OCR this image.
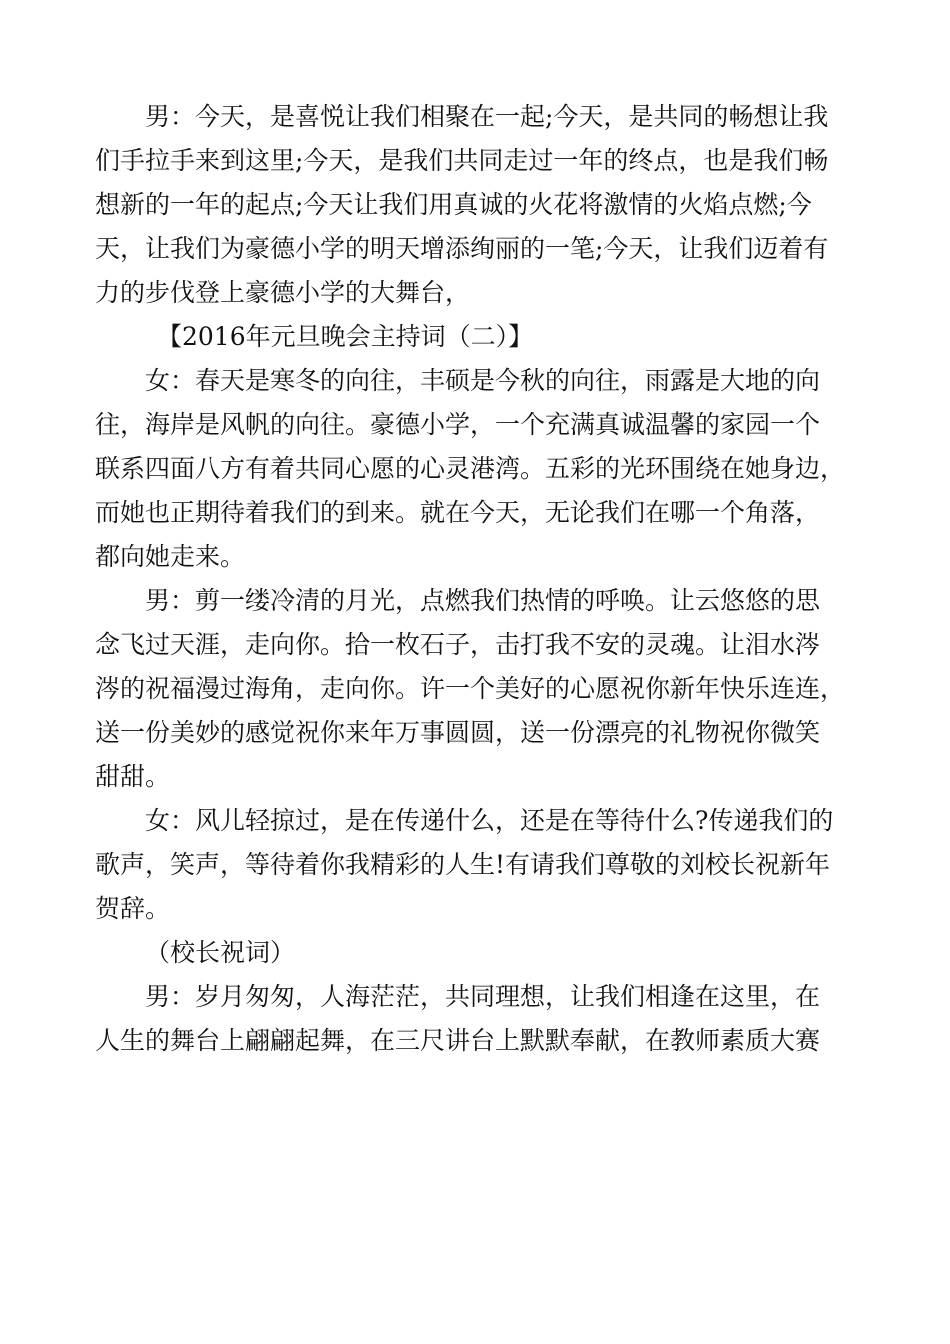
男：今天，是喜悦让我们相聚在一起;今天，是共同的畅想让我
们手拉手来到这里;今天，是我们共同走过一年的终点，也是我们畅
想新的一年的起点;今天让我们用真诚的火花将激情的火焰点燃;今
天，让我们为豪德小学的明天增添绚丽的一笔;今天，让我们迈着有
力的步伐登上豪德小学的大舞台，
【2016年元旦晚会主持词（二）】
女：春天是寒冬的向往，丰硕是今秋的向往，雨露是大地的向
往，海岸是风帆的向往。豪德小学，一个充满真诚温馨的家园一个
联系四面八方有着共同心愿的心灵港湾。五彩的光环围绕在她身边，
而她也正期待着我们的到来。就在今天，无论我们在哪一个角落，
都向她走来。
男：剪一缕冷清的月光，点燃我们热情的呼唤。让云悠悠的思
念飞过天涯，走向你。拾一枚石子，击打我不安的灵魂。让泪水涔
涔的祝福漫过海角，走向你。许一个美好的心愿祝你新年快乐连连，
送一份美妙的感觉祝你来年万事圆圆，送一份漂亮的礼物祝你微笑
甜甜。
女：风儿轻掠过，是在传递什么，还是在等待什么?传递我们的
歌声，笑声，等待着你我精彩的人生!有请我们尊敬的刘校长祝新年
贺辞。
（校长祝词）
男：岁月匆匆，人海茫茫，共同理想，让我们相逢在这里，在
人生的舞台上翩翩起舞，在三尺讲台上默默奉献，在教师素质大赛
